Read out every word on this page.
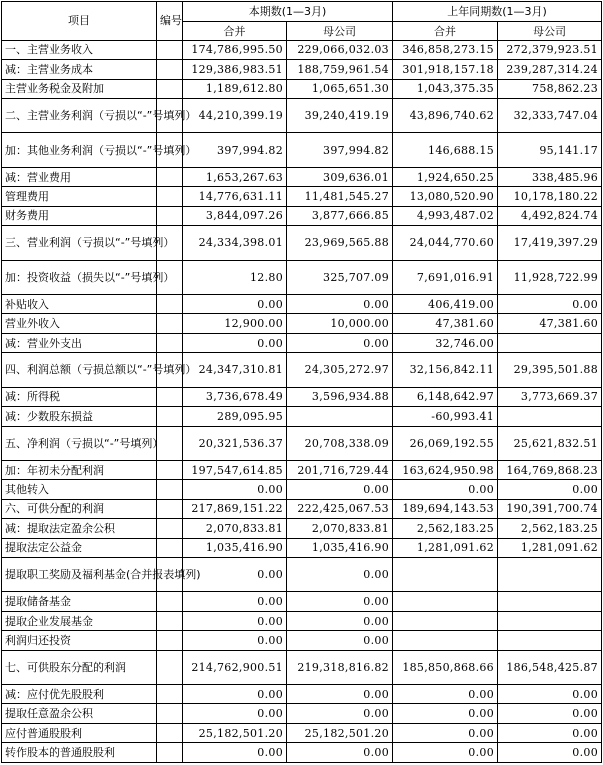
项目	编号	本期数(1—3月)		上年同期数(1—3月)	
		合并	母公司	合并	母公司
一、主营业务收入		174,786,995.50	229,066,032.03	346,858,273.15	272,379,923.51
减：主营业务成本		129,386,983.51	188,759,961.54	301,918,157.18	239,287,314.24
主营业务税金及附加		1,189,612.80	1,065,651.30	1,043,375.35	758,862.23
二、主营业务利润（亏损以“-”号填列）		44,210,399.19	39,240,419.19	43,896,740.62	32,333,747.04
加：其他业务利润（亏损以“-”号填列）		397,994.82	397,994.82	146,688.15	95,141.17
减：营业费用		1,653,267.63	309,636.01	1,924,650.25	338,485.96
管理费用		14,776,631.11	11,481,545.27	13,080,520.90	10,178,180.22
财务费用		3,844,097.26	3,877,666.85	4,993,487.02	4,492,824.74
三、营业利润（亏损以“-”号填列）		24,334,398.01	23,969,565.88	24,044,770.60	17,419,397.29
加：投资收益（损失以“-”号填列）		12.80	325,707.09	7,691,016.91	11,928,722.99
补贴收入		0.00	0.00	406,419.00	0.00
营业外收入		12,900.00	10,000.00	47,381.60	47,381.60
减：营业外支出		0.00	0.00	32,746.00	
四、利润总额（亏损总额以“-”号填列）		24,347,310.81	24,305,272.97	32,156,842.11	29,395,501.88
减：所得税		3,736,678.49	3,596,934.88	6,148,642.97	3,773,669.37
减：少数股东损益		289,095.95		-60,993.41	
五、净利润（亏损以“-”号填列）		20,321,536.37	20,708,338.09	26,069,192.55	25,621,832.51
加：年初未分配利润		197,547,614.85	201,716,729.44	163,624,950.98	164,769,868.23
其他转入		0.00	0.00	0.00	0.00
六、可供分配的利润		217,869,151.22	222,425,067.53	189,694,143.53	190,391,700.74
减：提取法定盈余公积		2,070,833.81	2,070,833.81	2,562,183.25	2,562,183.25
提取法定公益金		1,035,416.90	1,035,416.90	1,281,091.62	1,281,091.62
提取职工奖励及福利基金(合并报表填列)		0.00	0.00		
提取储备基金		0.00	0.00		
提取企业发展基金		0.00	0.00		
利润归还投资		0.00	0.00		
七、可供股东分配的利润		214,762,900.51	219,318,816.82	185,850,868.66	186,548,425.87
减：应付优先股股利		0.00	0.00	0.00	0.00
提取任意盈余公积		0.00	0.00	0.00	0.00
应付普通股股利		25,182,501.20	25,182,501.20	0.00	0.00
转作股本的普通股股利		0.00	0.00	0.00	0.00
